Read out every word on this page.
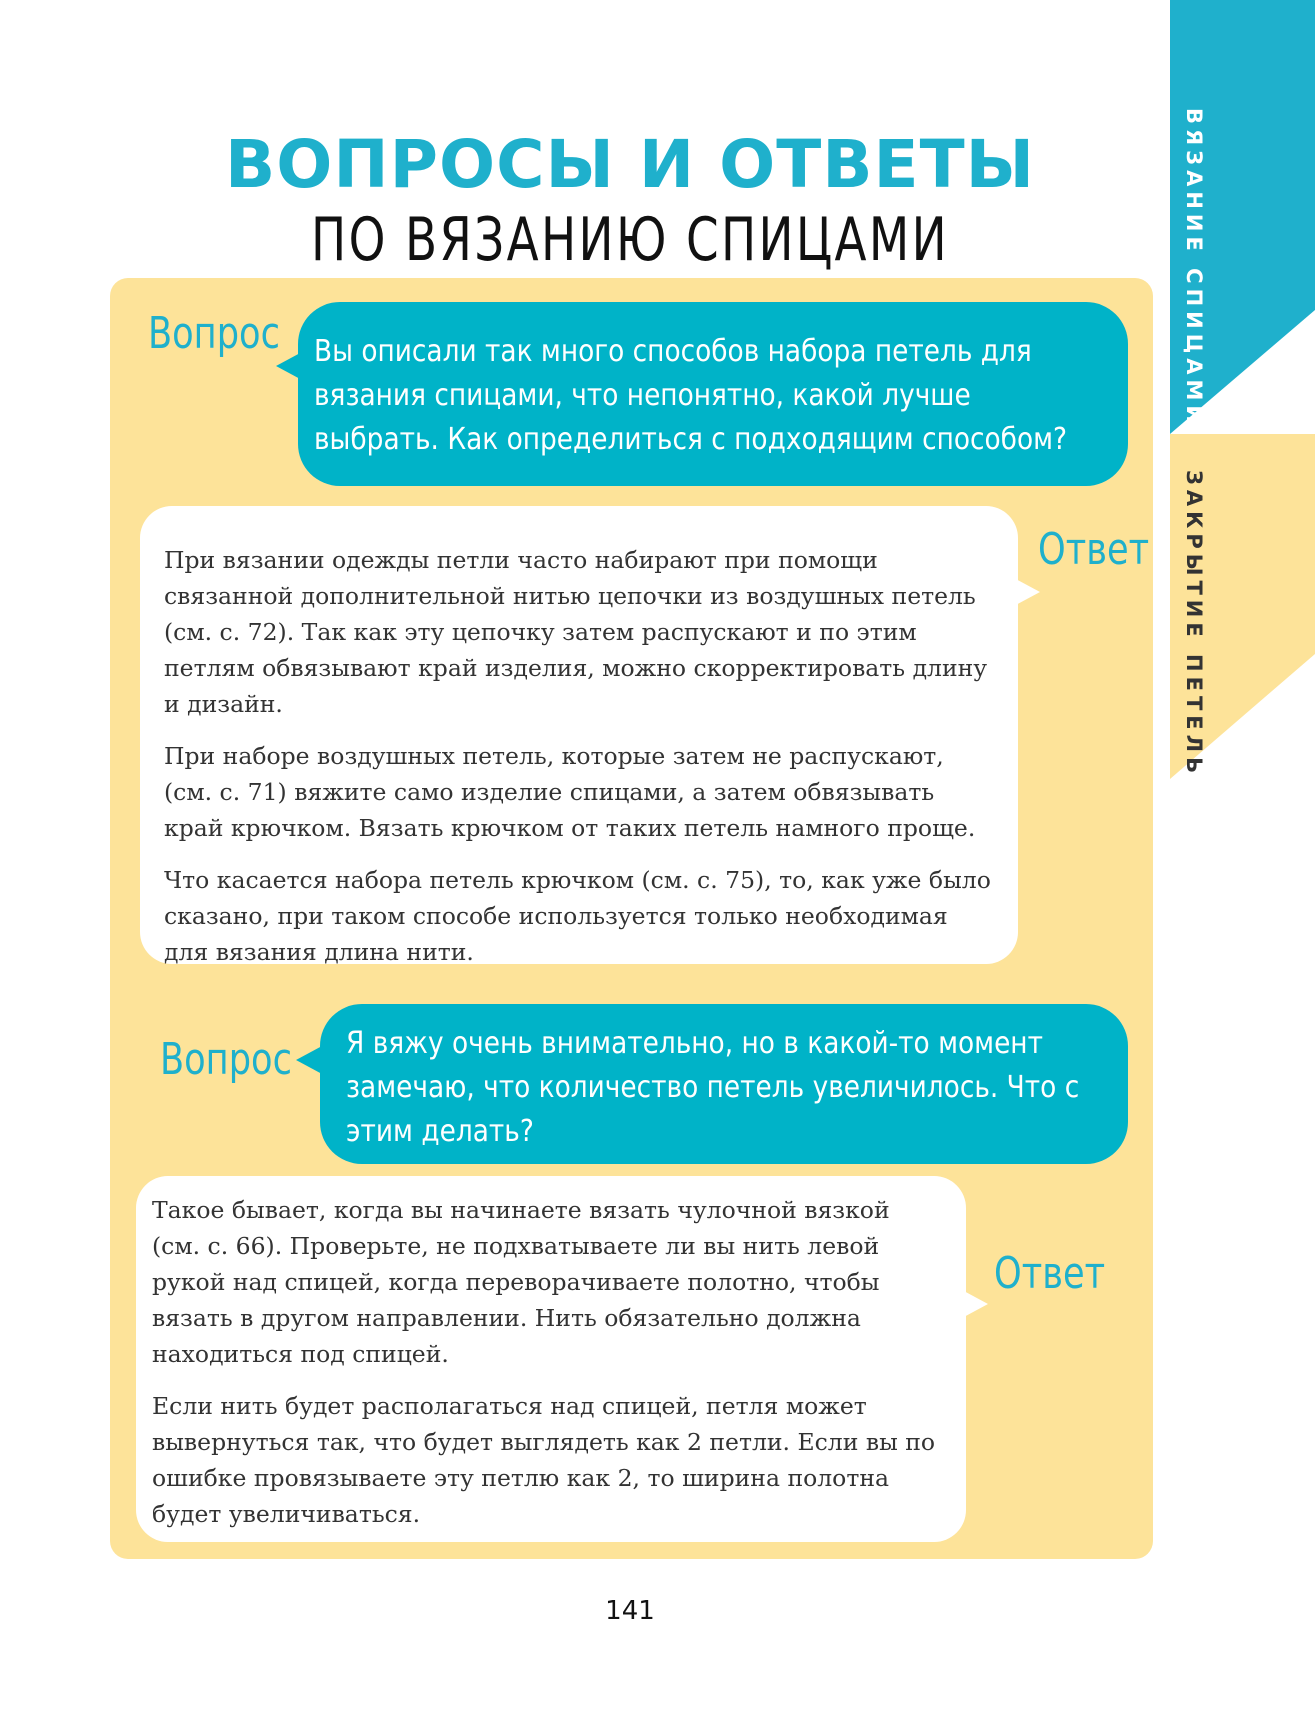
ВЯЗАНИЕ СПИЦАМИ
ЗАКРЫТИЕ ПЕТЕЛЬ
ВОПРОСЫ И ОТВЕТЫ
ПО ВЯЗАНИЮ СПИЦАМИ
Вопрос Вы описали так много способов набора петель для вязания спицами, что непонятно, какой лучше выбрать. Как определиться с подходящим способом?
Ответ

При вязании одежды петли часто набирают при помощи связанной дополнительной нитью цепочки из воздушных петель (см. с. 72). Так как эту цепочку затем распускают и по этим петлям обвязывают край изделия, можно скорректировать длину и дизайн.

При наборе воздушных петель, которые затем не распускают, (см. с. 71) вяжите само изделие спицами, а затем обвязывать край крючком. Вязать крючком от таких петель намного проще.

Что касается набора петель крючком (см. с. 75), то, как уже было сказано, при таком способе используется только необходимая для вязания длина нити.

Вопрос Я вяжу очень внимательно, но в какой-то момент замечаю, что количество петель увеличилось. Что с этим делать?
Ответ

Такое бывает, когда вы начинаете вязать чулочной вязкой (см. с. 66). Проверьте, не подхватываете ли вы нить левой рукой над спицей, когда переворачиваете полотно, чтобы вязать в другом направлении. Нить обязательно должна находиться под спицей.

Если нить будет располагаться над спицей, петля может вывернуться так, что будет выглядеть как 2 петли. Если вы по ошибке провязываете эту петлю как 2, то ширина полотна будет увеличиваться.

141
